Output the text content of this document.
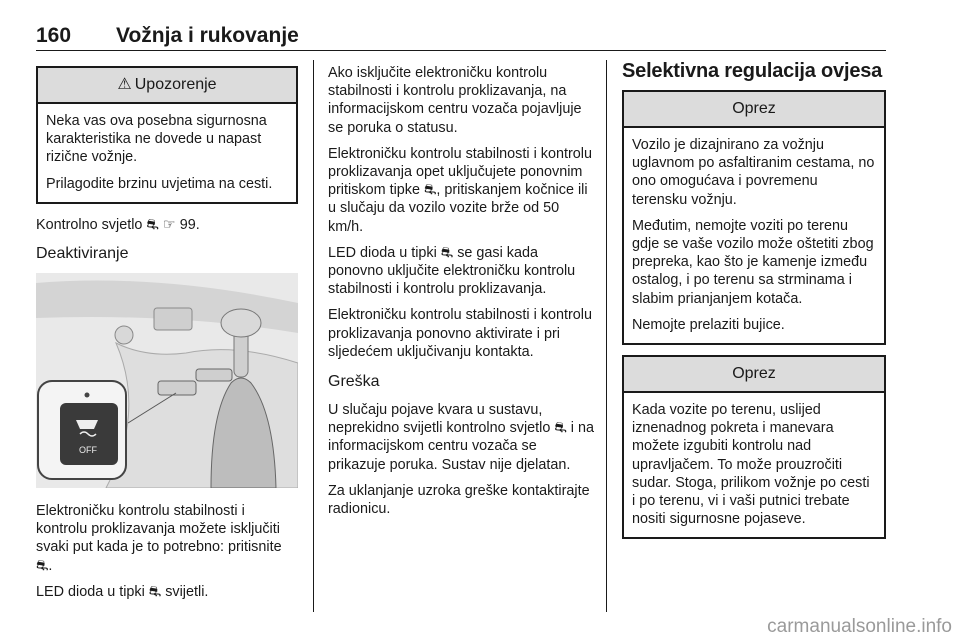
160 Vožnja i rukovanje
⚠ Upozorenje

Neka vas ova posebna sigurnosna karakteristika ne dovede u napast rizične vožnje.

Prilagodite brzinu uvjetima na cesti.

Kontrolno svjetlo ⛐ ☞ 99.

Deaktiviranje
OFF

Elektroničku kontrolu stabilnosti i kontrolu proklizavanja možete isključiti svaki put kada je to potrebno: pritisnite ⛐.

LED dioda u tipki ⛐ svijetli.

Ako isključite elektroničku kontrolu stabilnosti i kontrolu proklizavanja, na informacijskom centru vozača pojavljuje se poruka o statusu.

Elektroničku kontrolu stabilnosti i kontrolu proklizavanja opet uključujete ponovnim pritiskom tipke ⛐, pritiskanjem kočnice ili u slučaju da vozilo vozite brže od 50 km/h.

LED dioda u tipki ⛐ se gasi kada ponovno uključite elektroničku kontrolu stabilnosti i kontrolu proklizavanja.

Elektroničku kontrolu stabilnosti i kontrolu proklizavanja ponovno aktivirate i pri sljedećem uključivanju kontakta.

Greška

U slučaju pojave kvara u sustavu, neprekidno svijetli kontrolno svjetlo ⛐ i na informacijskom centru vozača se prikazuje poruka. Sustav nije djelatan.

Za uklanjanje uzroka greške kontaktirajte radionicu.

Selektivna regulacija ovjesa
Oprez

Vozilo je dizajnirano za vožnju uglavnom po asfaltiranim cestama, no ono omogućava i povremenu terensku vožnju.

Međutim, nemojte voziti po terenu gdje se vaše vozilo može oštetiti zbog prepreka, kao što je kamenje između ostalog, i po terenu sa strminama i slabim prianjanjem kotača.

Nemojte prelaziti bujice.

Oprez

Kada vozite po terenu, uslijed iznenadnog pokreta i manevara možete izgubiti kontrolu nad upravljačem. To može prouzročiti sudar. Stoga, prilikom vožnje po cesti i po terenu, vi i vaši putnici trebate nositi sigurnosne pojaseve.

carmanualsonline.info
